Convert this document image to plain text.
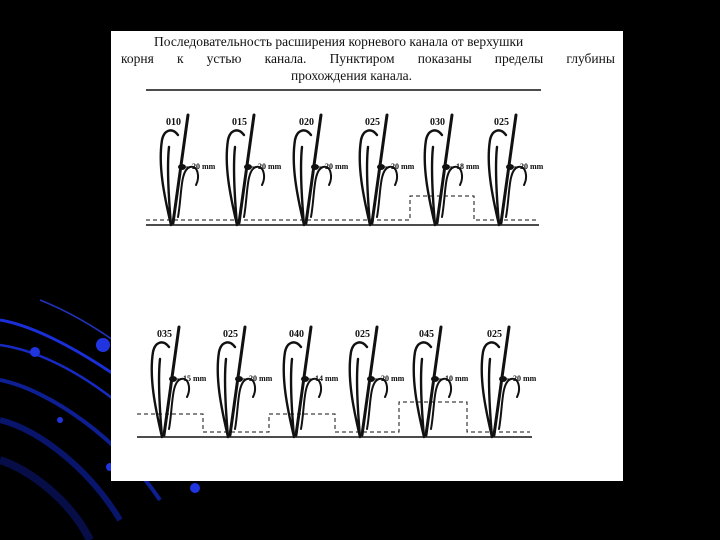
Последовательность расширения корневого канала от верхушки
корня к устью канала. Пунктиром показаны пределы глубины
прохождения канала.
010
20 mm
015
20 mm
020
20 mm
025
20 mm
030
18 mm
025
20 mm
035
15 mm
025
20 mm
040
14 mm
025
20 mm
045
10 mm
025
20 mm
